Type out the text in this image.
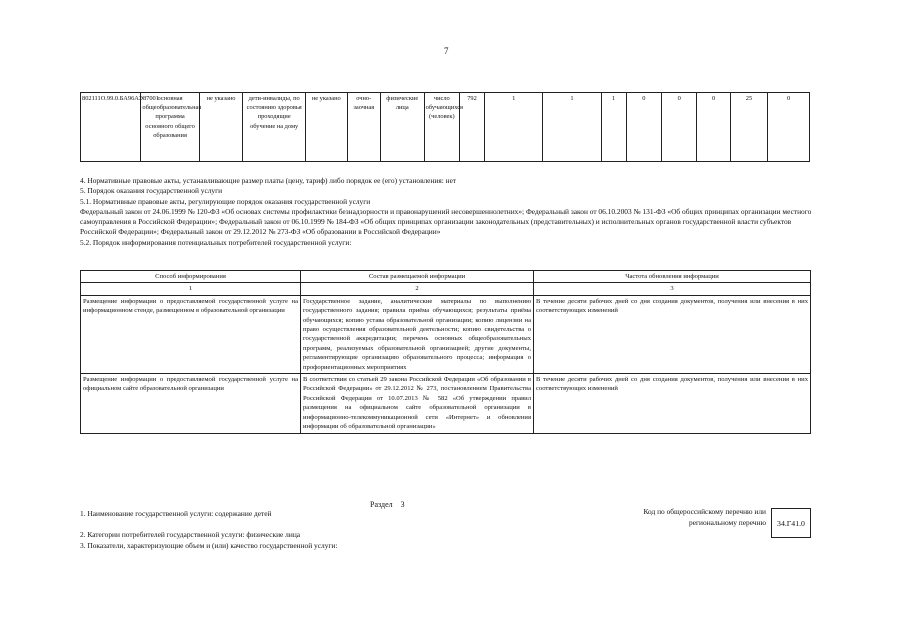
7
802111О.99.0.БА96АЭ87001	основная общеобразовательная программа основного общего образования	не указано	дети-инвалиды, по состоянию здоровья проходящие обучение на дому	не указано	очно-заочная	физические лица	число обучающихся (человек)	792	1	1	1	0	0	0	25	0

4. Нормативные правовые акты, устанавливающие размер платы (цену, тариф) либо порядок ее (его) установления: нет

5. Порядок оказания государственной услуги

5.1. Нормативные правовые акты, регулирующие порядок оказания государственной услуги

Федеральный закон от 24.06.1999 № 120-ФЗ «Об основах системы профилактики безнадзорности и правонарушений несовершеннолетних»; Федеральный закон от 06.10.2003 № 131-ФЗ «Об общих принципах организации местного самоуправления в Российской Федерации»; Федеральный закон от 06.10.1999 № 184-ФЗ «Об общих принципах организации законодательных (представительных) и исполнительных органов государственной власти субъектов Российской Федерации»; Федеральный закон от 29.12.2012 № 273-ФЗ «Об образовании в Российской Федерации»

5.2. Порядок информирования потенциальных потребителей государственной услуги:

Способ информирования	Состав размещаемой информации	Частота обновления информации
1	2	3
Размещение информации о предоставляемой государственной услуге на информационном стенде, размещенном в образовательной организации	Государственное задание, аналитические материалы по выполнению государственного задания; правила приёма обучающихся; результаты приёма обучающихся; копию устава образовательной организации; копию лицензии на право осуществления образовательной деятельности; копию свидетельства о государственной аккредитации; перечень основных общеобразовательных программ, реализуемых образовательной организацией; другие документы, регламентирующие организацию образовательного процесса; информация о профориентационных мероприятиях	В течение десяти рабочих дней со дня создания документов, получения или внесения в них соответствующих изменений
Размещение информации о предоставляемой государственной услуге на официальном сайте образовательной организации	В соответствии со статьей 29 закона Российской Федерации «Об образовании в Российской Федерации» от 29.12.2012 № 273, постановлением Правительства Российской Федерации от 10.07.2013 № 582 «Об утверждении правил размещения на официальном сайте образовательной организации в информационно-телекоммуникационной сети «Интернет» и обновления информации об образовательной организации»	В течение десяти рабочих дней со дня создания документов, получения или внесения в них соответствующих изменений
Раздел 3
1. Наименование государственной услуги: содержание детей
2. Категории потребителей государственной услуги: физические лица
3. Показатели, характеризующие объем и (или) качество государственной услуги:
Код по общероссийскому перечню или региональному перечню	34.Г41.0
